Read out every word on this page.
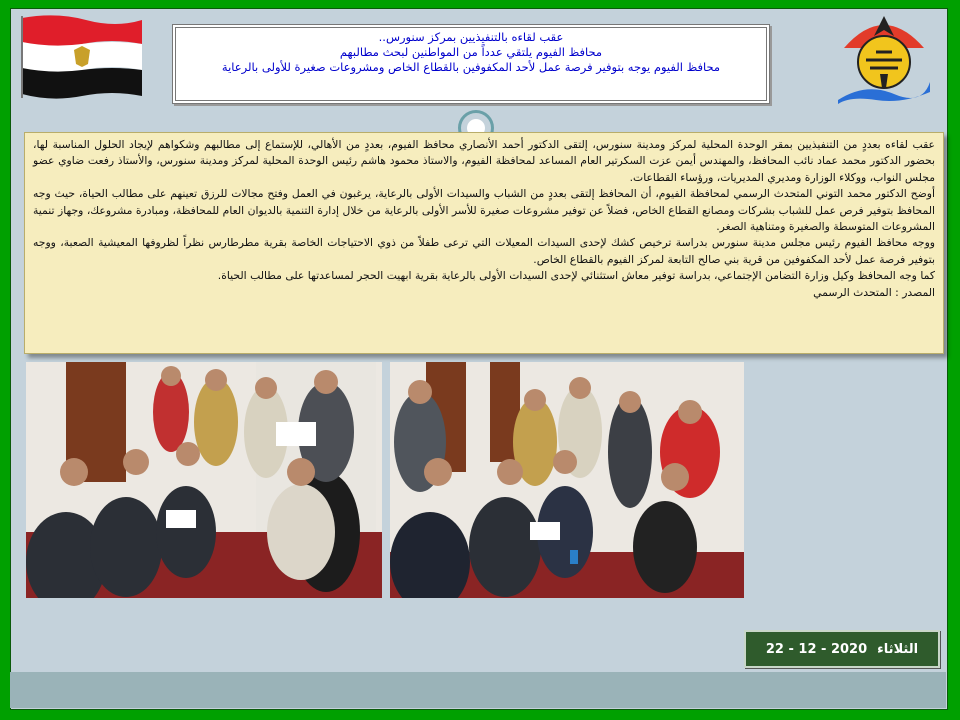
عقب لقاءه بالتنفيذيين بمركز سنورس..
محافظ الفيوم يلتقي عدداً من المواطنين لبحث مطالبهم
محافظ الفيوم يوجه بتوفير فرصة عمل لأحد المكفوفين بالقطاع الخاص ومشروعات صغيرة للأولى بالرعاية

عقب لقاءه بعددٍ من التنفيذيين بمقر الوحدة المحلية لمركز ومدينة سنورس، إلتقى الدكتور أحمد الأنصاري محافظ الفيوم، بعددٍ من الأهالي، للإستماع إلى مطالبهم وشكواهم لإيجاد الحلول المناسبة لها، بحضور الدكتور محمد عماد نائب المحافظ، والمهندس أيمن عزت السكرتير العام المساعد لمحافظة الفيوم، والاستاذ محمود هاشم رئيس الوحدة المحلية لمركز ومدينة سنورس، والأستاذ رفعت ضاوي عضو مجلس النواب، ووكلاء الوزارة ومديري المديريات، ورؤساء القطاعات.

أوضح الدكتور محمد التوني المتحدث الرسمي لمحافظة الفيوم، أن المحافظ إلتقى بعددٍ من الشباب والسيدات الأولى بالرعاية، يرغبون في العمل وفتح مجالات للرزق تعينهم على مطالب الحياة، حيث وجه المحافظ بتوفير فرص عمل للشباب بشركات ومصانع القطاع الخاص، فضلاً عن توفير مشروعات صغيرة للأسر الأولى بالرعاية من خلال إدارة التنمية بالديوان العام للمحافظة، ومبادرة مشروعك، وجهاز تنمية المشروعات المتوسطة والصغيرة ومتناهية الصغر.

ووجه محافظ الفيوم رئيس مجلس مدينة سنورس بدراسة ترخيص كشك لإحدى السيدات المعيلات التي ترعى طفلاً من ذوي الاحتياجات الخاصة بقرية مطرطارس نظراً لظروفها المعيشية الصعبة، ووجه بتوفير فرصة عمل لأحد المكفوفين من قرية بني صالح التابعة لمركز الفيوم بالقطاع الخاص.

كما وجه المحافظ وكيل وزارة التضامن الإجتماعي، بدراسة توفير معاش استثنائي لإحدى السيدات الأولى بالرعاية بقرية ابهيت الحجر لمساعدتها على مطالب الحياة.

المصدر : المتحدث الرسمي

22 - 12 - 2020 الثلاثاء
